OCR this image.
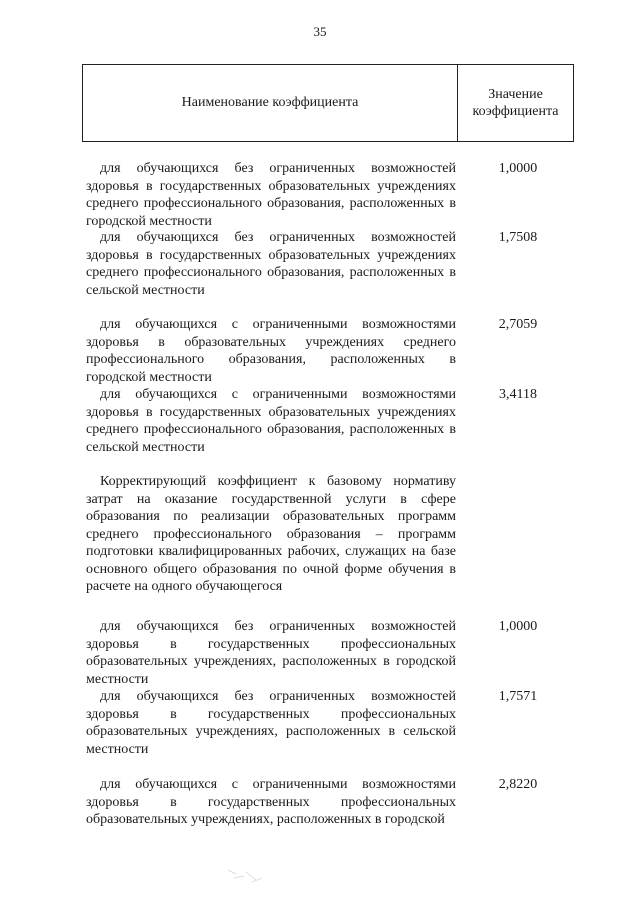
35
Наименование коэффициента
Значение
коэффициента
для обучающихся без ограниченных возможностей здоровья в государственных образовательных учреждениях среднего профессионального образования, расположенных в городской местности
1,0000
для обучающихся без ограниченных возможностей здоровья в государственных образовательных учреждениях среднего профессионального образования, расположенных в сельской местности
1,7508
для обучающихся с ограниченными возможностями здоровья в образовательных учреждениях среднего профессионального образования, расположенных в городской местности
2,7059
для обучающихся с ограниченными возможностями здоровья в государственных образовательных учреждениях среднего профессионального образования, расположенных в сельской местности
3,4118
Корректирующий коэффициент к базовому нормативу затрат на оказание государственной услуги в сфере образования по реализации образовательных программ среднего профессионального образования – программ подготовки квалифицированных рабочих, служащих на базе основного общего образования по очной форме обучения в расчете на одного обучающегося
для обучающихся без ограниченных возможностей здоровья в государственных профессиональных образовательных учреждениях, расположенных в городской местности
1,0000
для обучающихся без ограниченных возможностей здоровья в государственных профессиональных образовательных учреждениях, расположенных в сельской местности
1,7571
для обучающихся с ограниченными возможностями здоровья в государственных профессиональных образовательных учреждениях, расположенных в городской
2,8220
